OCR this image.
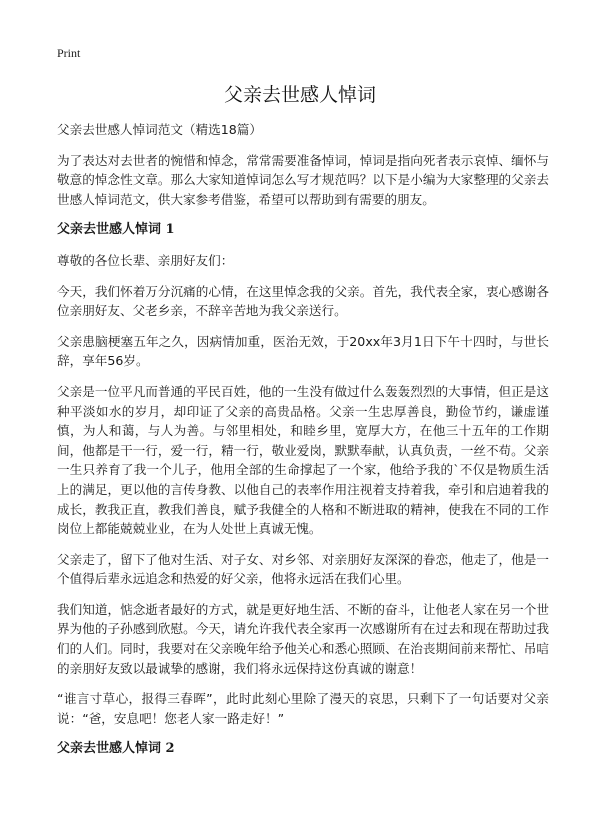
Print
父亲去世感人悼词

父亲去世感人悼词范文（精选18篇）

为了表达对去世者的惋惜和悼念，常常需要准备悼词，悼词是指向死者表示哀悼、缅怀与敬意的悼念性文章。那么大家知道悼词怎么写才规范吗？以下是小编为大家整理的父亲去世感人悼词范文，供大家参考借鉴，希望可以帮助到有需要的朋友。

父亲去世感人悼词 1

尊敬的各位长辈、亲朋好友们：

今天，我们怀着万分沉痛的心情，在这里悼念我的父亲。首先，我代表全家，衷心感谢各位亲朋好友、父老乡亲，不辞辛苦地为我父亲送行。

父亲患脑梗塞五年之久，因病情加重，医治无效，于20xx年3月1日下午十四时，与世长辞，享年56岁。

父亲是一位平凡而普通的平民百姓，他的一生没有做过什么轰轰烈烈的大事情，但正是这种平淡如水的岁月，却印证了父亲的高贵品格。父亲一生忠厚善良，勤俭节约，谦虚谨慎，为人和蔼，与人为善。与邻里相处，和睦乡里，宽厚大方，在他三十五年的工作期间，他都是干一行，爱一行，精一行，敬业爱岗，默默奉献，认真负责，一丝不苟。父亲一生只养育了我一个儿子，他用全部的生命撑起了一个家，他给予我的`不仅是物质生活上的满足，更以他的言传身教、以他自己的表率作用注视着支持着我，牵引和启迪着我的成长，教我正直，教我们善良，赋予我健全的人格和不断进取的精神，使我在不同的工作岗位上都能兢兢业业，在为人处世上真诚无愧。

父亲走了，留下了他对生活、对子女、对乡邻、对亲朋好友深深的眷恋，他走了，他是一个值得后辈永远追念和热爱的好父亲，他将永远活在我们心里。

我们知道，惦念逝者最好的方式，就是更好地生活、不断的奋斗，让他老人家在另一个世界为他的子孙感到欣慰。今天，请允许我代表全家再一次感谢所有在过去和现在帮助过我们的人们。同时，我要对在父亲晚年给予他关心和悉心照顾、在治丧期间前来帮忙、吊唁的亲朋好友致以最诚挚的感谢，我们将永远保持这份真诚的谢意！

“谁言寸草心，报得三春晖”，此时此刻心里除了漫天的哀思，只剩下了一句话要对父亲说：“爸，安息吧！您老人家一路走好！”

父亲去世感人悼词 2
